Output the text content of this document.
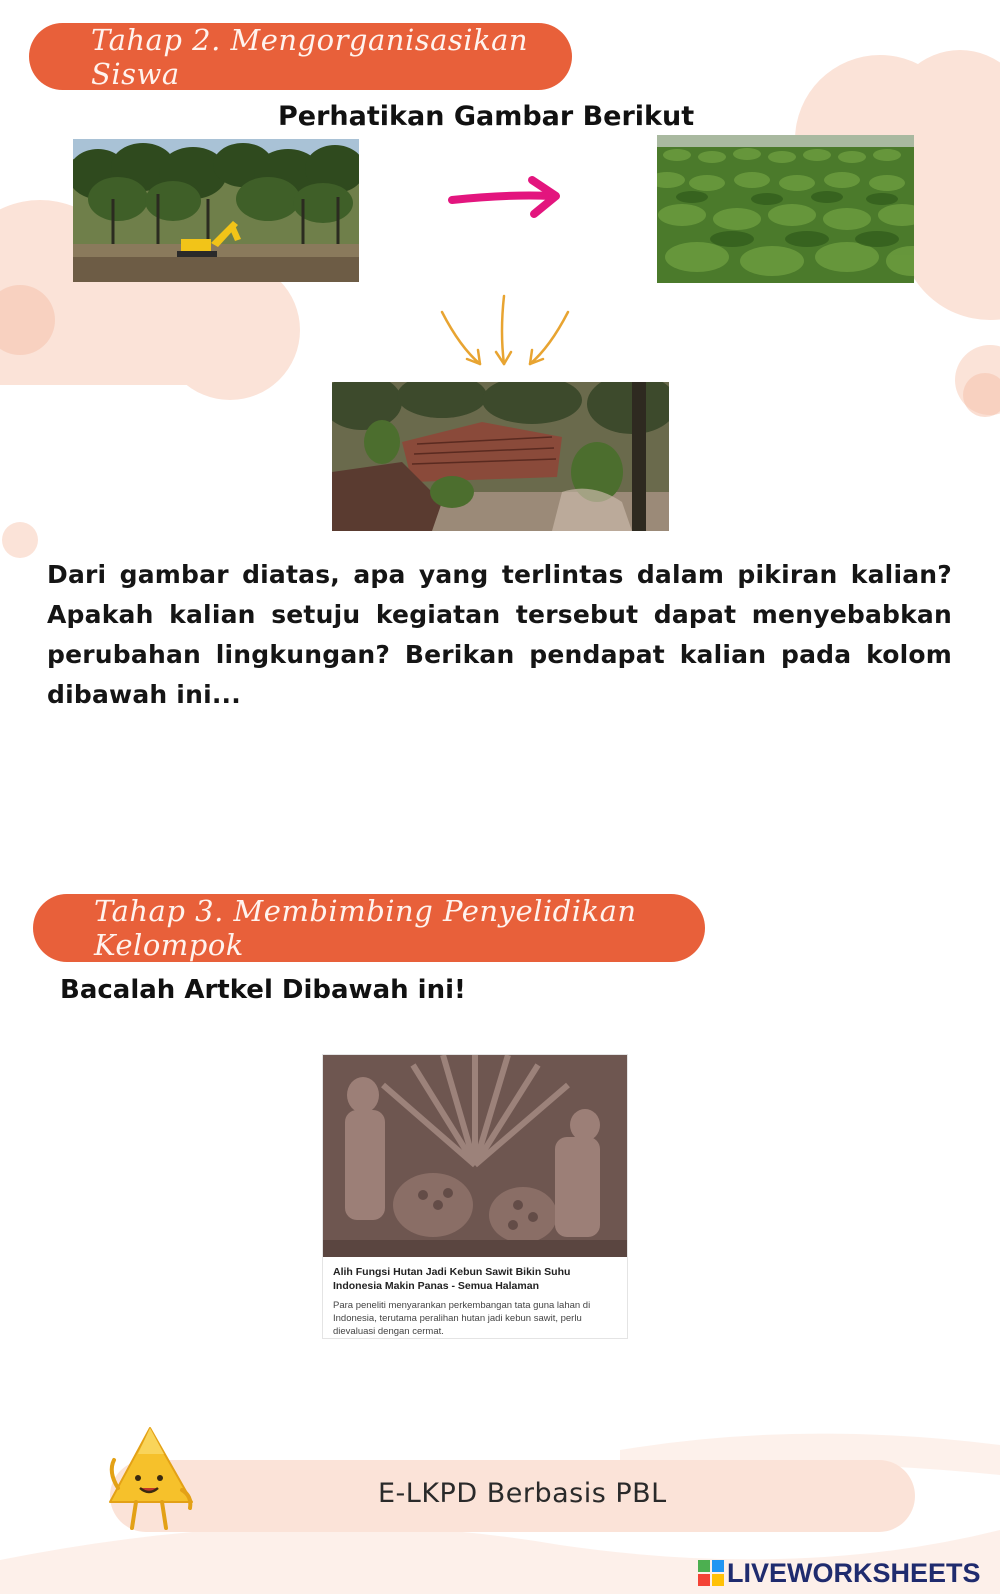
Tahap 2. Mengorganisasikan Siswa
Perhatikan Gambar Berikut
Dari gambar diatas, apa yang terlintas dalam pikiran kalian? Apakah kalian setuju kegiatan tersebut dapat menyebabkan perubahan lingkungan? Berikan pendapat kalian pada kolom dibawah ini...
Tahap 3. Membimbing Penyelidikan Kelompok
Bacalah Artkel Dibawah ini!
Alih Fungsi Hutan Jadi Kebun Sawit Bikin Suhu Indonesia Makin Panas - Semua Halaman
Para peneliti menyarankan perkembangan tata guna lahan di Indonesia, terutama peralihan hutan jadi kebun sawit, perlu dievaluasi dengan cermat.
E-LKPD Berbasis PBL
LIVEWORKSHEETS
